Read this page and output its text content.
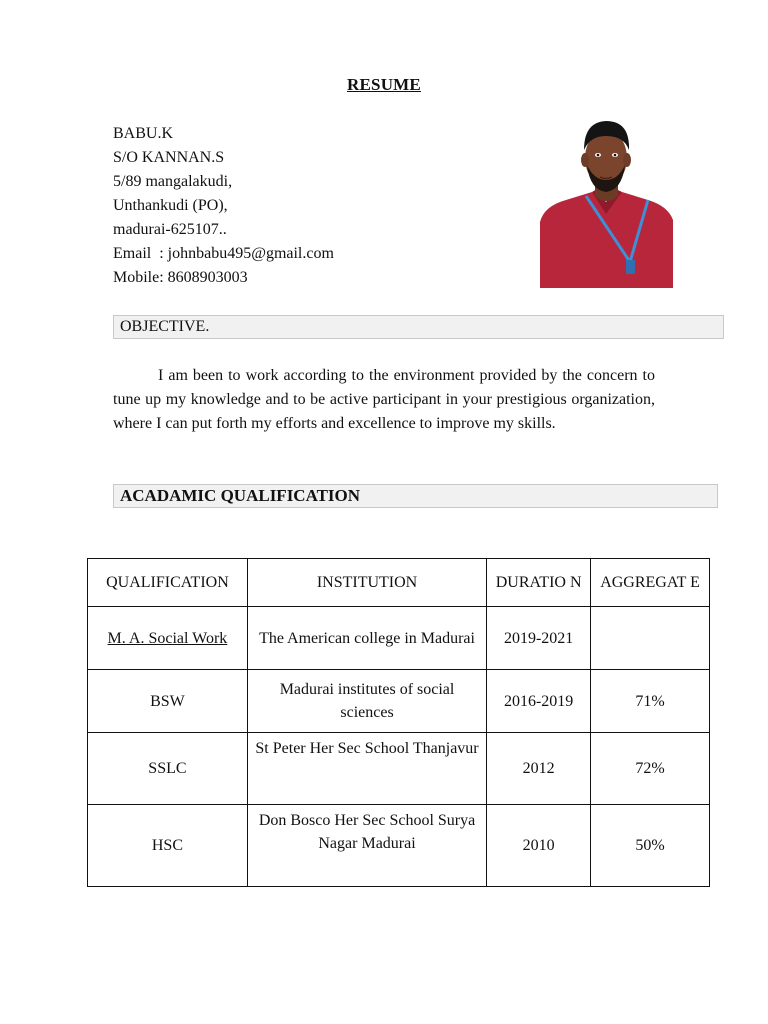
RESUME
BABU.K
S/O KANNAN.S
5/89 mangalakudi,
Unthankudi (PO),
madurai-625107..
Email  : johnbabu495@gmail.com
Mobile: 8608903003
OBJECTIVE.
I am been to work according to the environment provided by the concern to tune up my knowledge and to be active participant in your prestigious organization, where I can put forth my efforts and excellence to improve my skills.
ACADAMIC QUALIFICATION
QUALIFICATION	INSTITUTION	DURATIO N	AGGREGAT E
M. A. Social Work	The American college in Madurai	2019-2021	
BSW	Madurai institutes of social sciences	2016-2019	71%
SSLC	St Peter Her Sec School Thanjavur	2012	72%
HSC	Don Bosco Her Sec School Surya Nagar Madurai	2010	50%
